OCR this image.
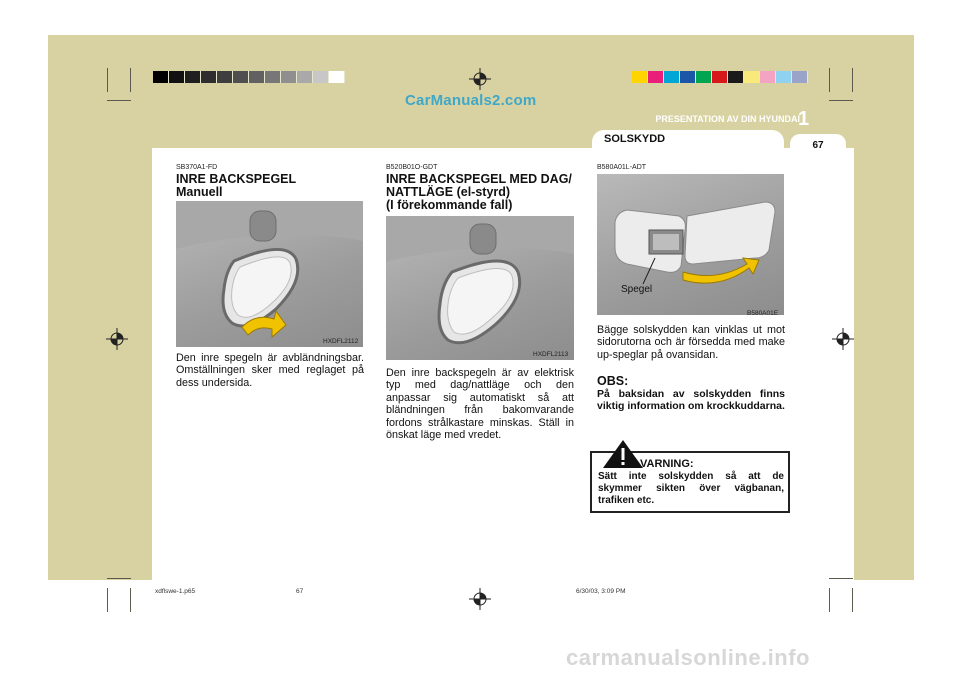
CarManuals2.com
PRESENTATION AV DIN HYUNDAI
1
SOLSKYDD
67
SB370A1-FD
INRE BACKSPEGEL
Manuell
HXDFL2112
Den inre spegeln är avbländningsbar. Omställningen sker med reglaget på dess undersida.
B520B01O-GDT
INRE BACKSPEGEL MED DAG/
NATTLÄGE (el-styrd)
(I förekommande fall)
HXDFL2113
Den inre backspegeln är av elektrisk typ med dag/nattläge och den anpassar sig automatiskt så att bländningen från bakomvarande fordons strålkastare minskas. Ställ in önskat läge med vredet.
B580A01L-ADT
Spegel
B580A01E
Bägge solskydden kan vinklas ut mot sidorutorna och är försedda med make up-speglar på ovansidan.
OBS:
På baksidan av solskydden finns viktig information om krockkuddarna.
VARNING:
Sätt inte solskydden så att de skymmer sikten över vägbanan, trafiken etc.
xdflswe-1.p65	67	6/30/03, 3:09 PM
carmanualsonline.info
